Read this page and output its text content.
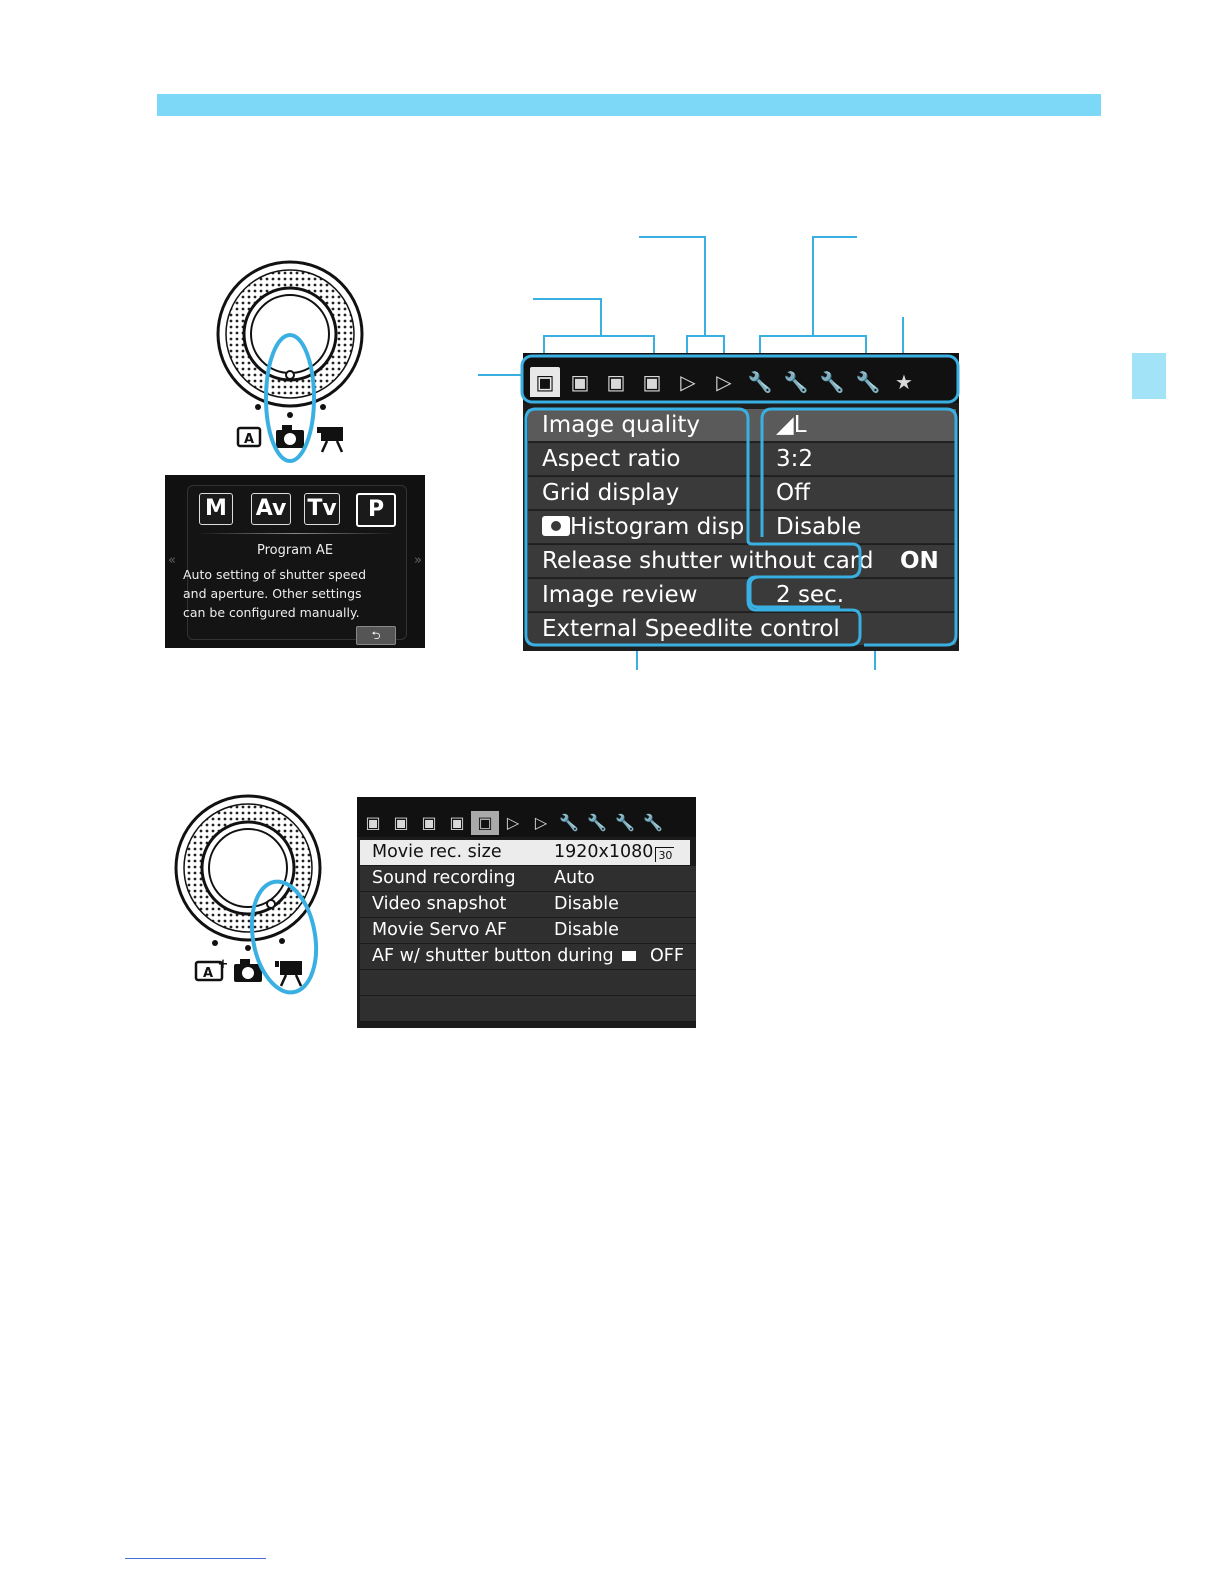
A
«	»
M Av Tv	P
Program AE
Auto setting of shutter speed
and aperture. Other settings
can be configured manually.
⮌
▣ ▣ ▣ ▣ ▷	▷ 🔧 🔧 🔧 🔧 ★
Image quality	◢L
Aspect ratio	3:2
Grid display	Off
Histogram disp Disable
Release shutter without card ON
Image review	2 sec.
External Speedlite control
A
+
▣ ▣ ▣ ▣ ▣ ▷ ▷ 🔧 🔧 🔧 🔧
Movie rec. size	1920x1080 30
Sound recording Auto
Video snapshot	Disable
Movie Servo AF	Disable
AF w/ shutter button during OFF
